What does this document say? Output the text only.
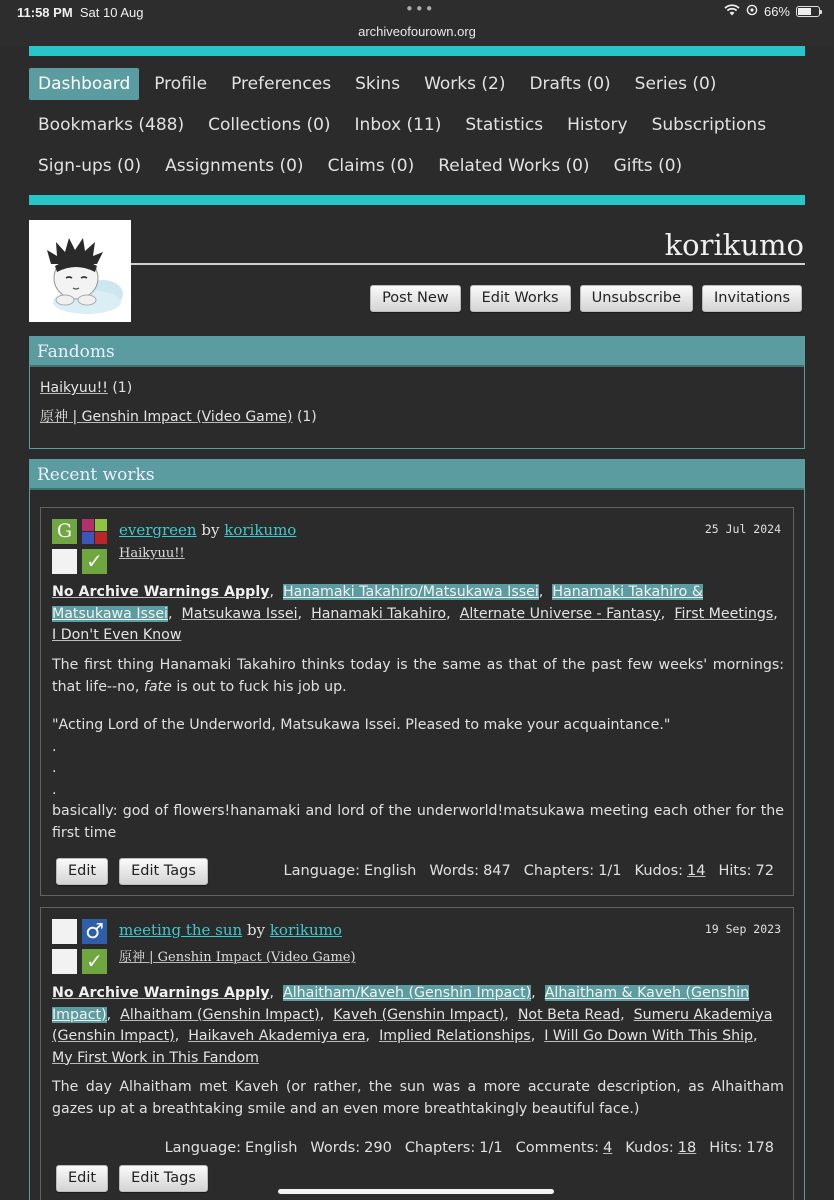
11:58 PM Sat 10 Aug	•••
archiveofourown.org
66%
Dashboard	Profile	Preferences	Skins	Works (2)	Drafts (0)	Series (0)
Bookmarks (488)	Collections (0)	Inbox (11)	Statistics	History	Subscriptions
Sign-ups (0)	Assignments (0)	Claims (0)	Related Works (0)	Gifts (0)
korikumo
Post New	Edit Works	Unsubscribe	Invitations
Fandoms
Haikyuu!! (1)
原神 | Genshin Impact (Video Game) (1)
Recent works
G
✓
evergreen by korikumo
Haikyuu!!
25 Jul 2024
No Archive Warnings Apply,  Hanamaki Takahiro/Matsukawa Issei,  Hanamaki Takahiro & Matsukawa Issei,  Matsukawa Issei,  Hanamaki Takahiro,  Alternate Universe - Fantasy,  First Meetings,  I Don't Even Know
The first thing Hanamaki Takahiro thinks today is the same as that of the past few weeks' mornings: that life--no, fate is out to fuck his job up.
"Acting Lord of the Underworld, Matsukawa Issei. Pleased to make your acquaintance."
.
.
.
basically: god of flowers!hanamaki and lord of the underworld!matsukawa meeting each other for the first time
Edit	Edit Tags	Language: English Words: 847 Chapters: 1/1 Kudos: 14 Hits: 72
♂
✓
meeting the sun by korikumo
原神 | Genshin Impact (Video Game)
19 Sep 2023
No Archive Warnings Apply,  Alhaitham/Kaveh (Genshin Impact),  Alhaitham & Kaveh (Genshin Impact),  Alhaitham (Genshin Impact),  Kaveh (Genshin Impact),  Not Beta Read,  Sumeru Akademiya (Genshin Impact),  Haikaveh Akademiya era,  Implied Relationships,  I Will Go Down With This Ship,  My First Work in This Fandom
The day Alhaitham met Kaveh (or rather, the sun was a more accurate description, as Alhaitham gazes up at a breathtaking smile and an even more breathtakingly beautiful face.)
Language: English Words: 290 Chapters: 1/1 Comments: 4 Kudos: 18 Hits: 178
Edit	Edit Tags
